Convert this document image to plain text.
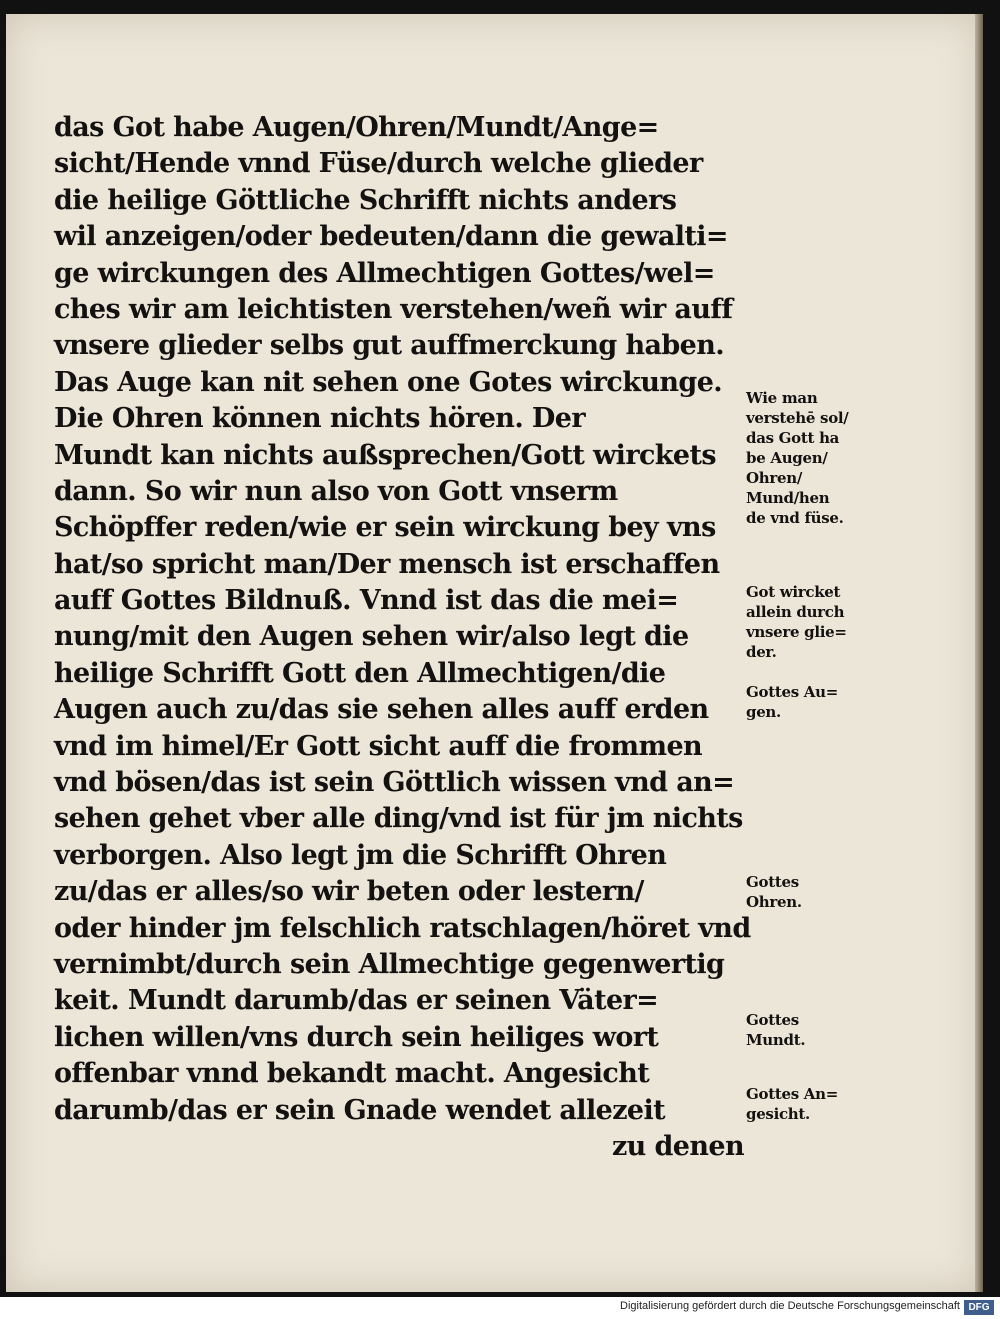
das Got habe Augen/Ohren/Mundt/Ange=
sicht/Hende vnnd Füse/durch welche glieder
die heilige Göttliche Schrifft nichts anders
wil anzeigen/oder bedeuten/dann die gewalti=
ge wirckungen des Allmechtigen Gottes/wel=
ches wir am leichtisten verstehen/weñ wir auff
vnsere glieder selbs gut auffmerckung haben.
Das Auge kan nit sehen one Gotes wirckunge.
Die Ohren können nichts hören. Der
Mundt kan nichts außsprechen/Gott wirckets
dann. So wir nun also von Gott vnserm
Schöpffer reden/wie er sein wirckung bey vns
hat/so spricht man/Der mensch ist erschaffen
auff Gottes Bildnuß. Vnnd ist das die mei=
nung/mit den Augen sehen wir/also legt die
heilige Schrifft Gott den Allmechtigen/die
Augen auch zu/das sie sehen alles auff erden
vnd im himel/Er Gott sicht auff die frommen
vnd bösen/das ist sein Göttlich wissen vnd an=
sehen gehet vber alle ding/vnd ist für jm nichts
verborgen. Also legt jm die Schrifft Ohren
zu/das er alles/so wir beten oder lestern/
oder hinder jm felschlich ratschlagen/höret vnd
vernimbt/durch sein Allmechtige gegenwertig
keit. Mundt darumb/das er seinen Väter=
lichen willen/vns durch sein heiliges wort
offenbar vnnd bekandt macht. Angesicht
darumb/das er sein Gnade wendet allezeit
zu denen
Wie man
verstehē sol/
das Gott ha
be Augen/
Ohren/
Mund/hen
de vnd füse.
Got wircket
allein durch
vnsere glie=
der.
Gottes Au=
gen.
Gottes
Ohren.
Gottes
Mundt.
Gottes An=
gesicht.
Digitalisierung gefördert durch die Deutsche Forschungsgemeinschaft DFG
